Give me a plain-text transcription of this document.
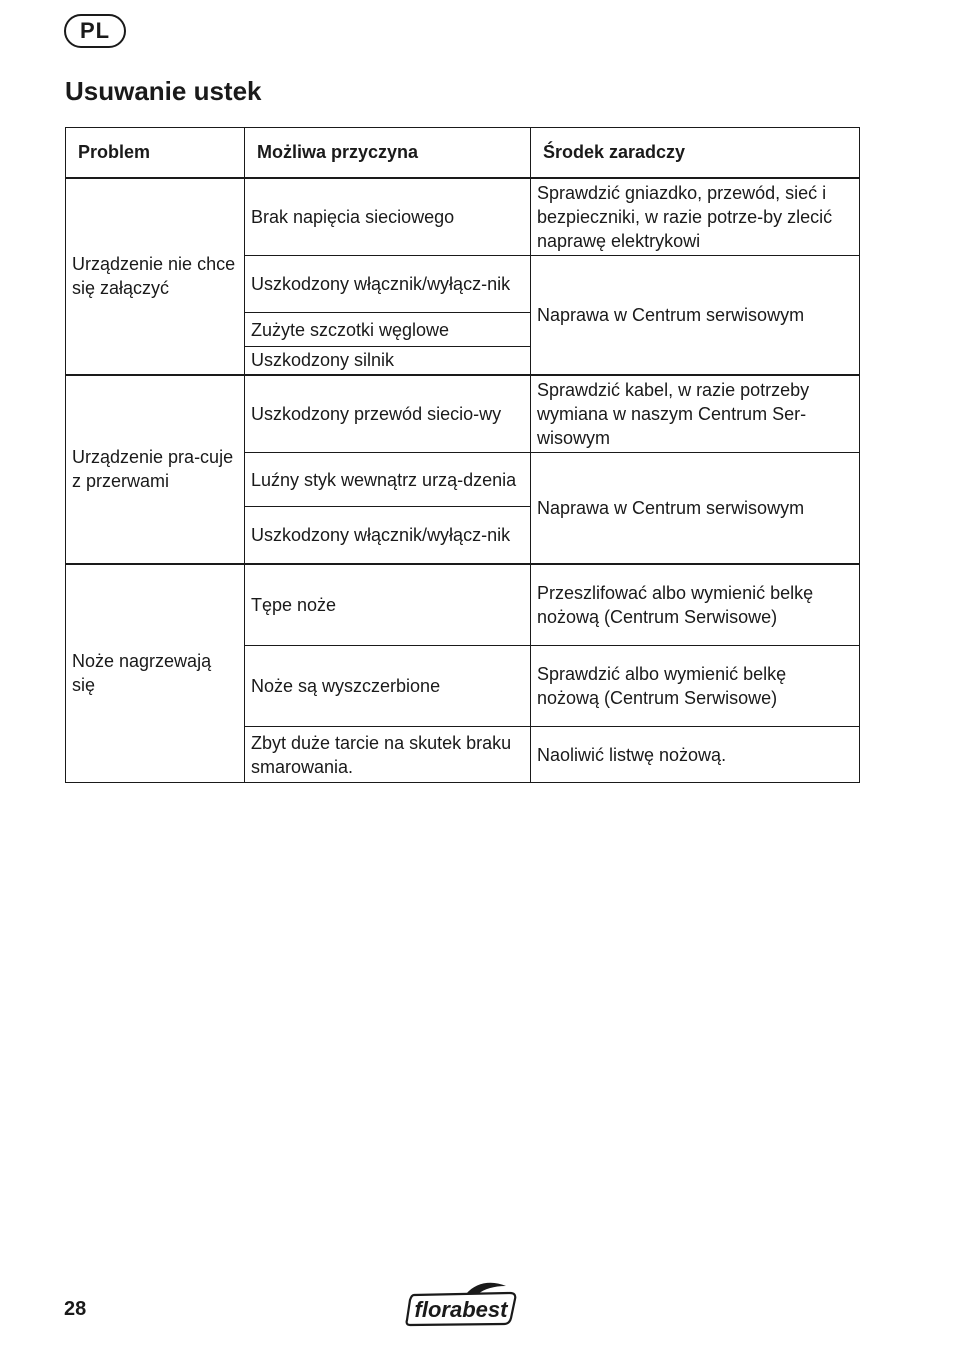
PL
Usuwanie ustek
Problem	Możliwa przyczyna	Środek zaradczy
Urządzenie nie chce się załączyć	Brak napięcia sieciowego	Sprawdzić gniazdko, przewód, sieć i bezpieczniki, w razie potrze-by zlecić naprawę elektrykowi
	Uszkodzony włącznik/wyłącz-nik	Naprawa w Centrum serwisowym
	Zużyte szczotki węglowe	
	Uszkodzony silnik	
Urządzenie pra-cuje z przerwami	Uszkodzony przewód siecio-wy	Sprawdzić kabel, w razie potrzeby wymiana w naszym Centrum Ser-wisowym
	Luźny styk wewnątrz urzą-dzenia	Naprawa w Centrum serwisowym
	Uszkodzony włącznik/wyłącz-nik	
Noże nagrzewają się	Tępe noże	Przeszlifować albo wymienić belkę nożową (Centrum Serwisowe)
	Noże są wyszczerbione	Sprawdzić albo wymienić belkę nożową (Centrum Serwisowe)
	Zbyt duże tarcie na skutek braku smarowania.	Naoliwić listwę nożową.
28	florabest
